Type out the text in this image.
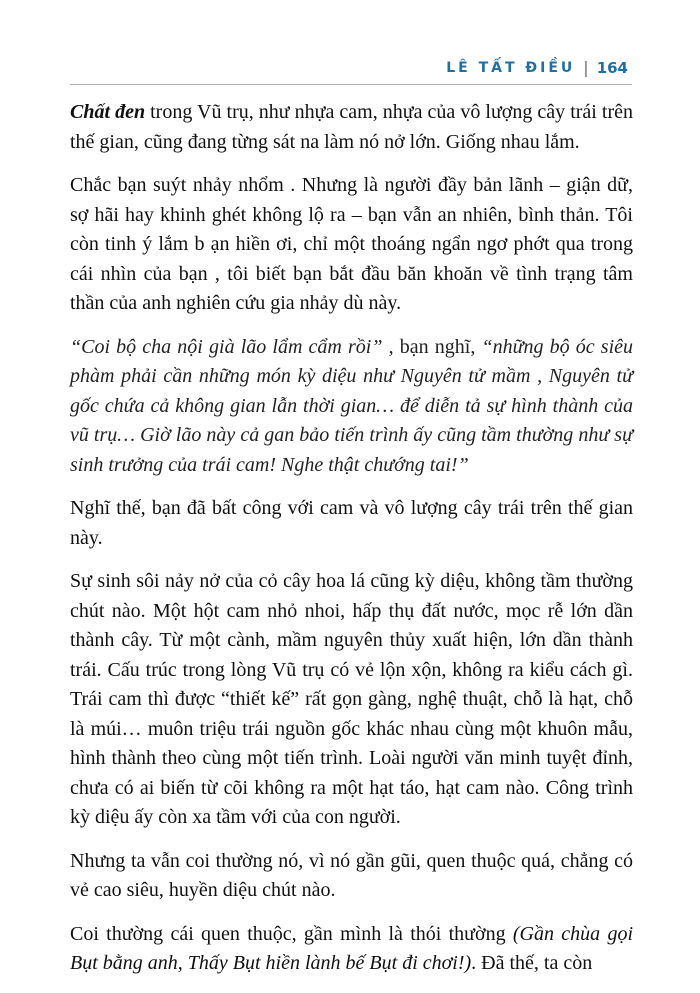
LÊ TẤT ĐIỀU | 164

Chất đen trong Vũ trụ, như nhựa cam, nhựa của vô lượng cây trái trên thế gian, cũng đang từng sát na làm nó nở lớn. Giống nhau lắm.

Chắc bạn suýt nhảy nhổm . Nhưng là người đầy bản lãnh – giận dữ, sợ hãi hay khinh ghét không lộ ra – bạn vẫn an nhiên, bình thản. Tôi còn tinh ý lắm b ạn hiền ơi, chỉ một thoáng ngẩn ngơ phớt qua trong cái nhìn của bạn , tôi biết bạn bắt đầu băn khoăn về tình trạng tâm thần của anh nghiên cứu gia nhảy dù này.

“Coi bộ cha nội già lão lẩm cẩm rồi” , bạn nghĩ, “những bộ óc siêu phàm phải cần những món kỳ diệu như Nguyên tử mầm , Nguyên tử gốc chứa cả không gian lẫn thời gian… để diễn tả sự hình thành của vũ trụ… Giờ lão này cả gan bảo tiến trình ấy cũng tầm thường như sự sinh trưởng của trái cam! Nghe thật chướng tai!”

Nghĩ thế, bạn đã bất công với cam và vô lượng cây trái trên thế gian này.

Sự sinh sôi nảy nở của cỏ cây hoa lá cũng kỳ diệu, không tầm thường chút nào. Một hột cam nhỏ nhoi, hấp thụ đất nước, mọc rễ lớn dần thành cây. Từ một cành, mầm nguyên thủy xuất hiện, lớn dần thành trái. Cấu trúc trong lòng Vũ trụ có vẻ lộn xộn, không ra kiểu cách gì. Trái cam thì được “thiết kế” rất gọn gàng, nghệ thuật, chỗ là hạt, chỗ là múi… muôn triệu trái nguồn gốc khác nhau cùng một khuôn mẫu, hình thành theo cùng một tiến trình. Loài người văn minh tuyệt đỉnh, chưa có ai biến từ cõi không ra một hạt táo, hạt cam nào. Công trình kỳ diệu ấy còn xa tầm với của con người.

Nhưng ta vẫn coi thường nó, vì nó gần gũi, quen thuộc quá, chẳng có vẻ cao siêu, huyền diệu chút nào.

Coi thường cái quen thuộc, gần mình là thói thường (Gần chùa gọi Bụt bằng anh, Thấy Bụt hiền lành bế Bụt đi chơi!). Đã thế, ta còn
